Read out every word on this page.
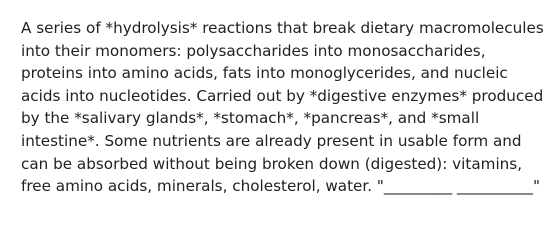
A series of *hydrolysis* reactions that break dietary macromolecules into their monomers: polysaccharides into monosaccharides, proteins into amino acids, fats into monoglycerides, and nucleic acids into nucleotides. Carried out by *digestive enzymes* produced by the *salivary glands*, *stomach*, *pancreas*, and *small intestine*. Some nutrients are already present in usable form and can be absorbed without being broken down (digested): vitamins, free amino acids, minerals, cholesterol, water. "_________ __________"
